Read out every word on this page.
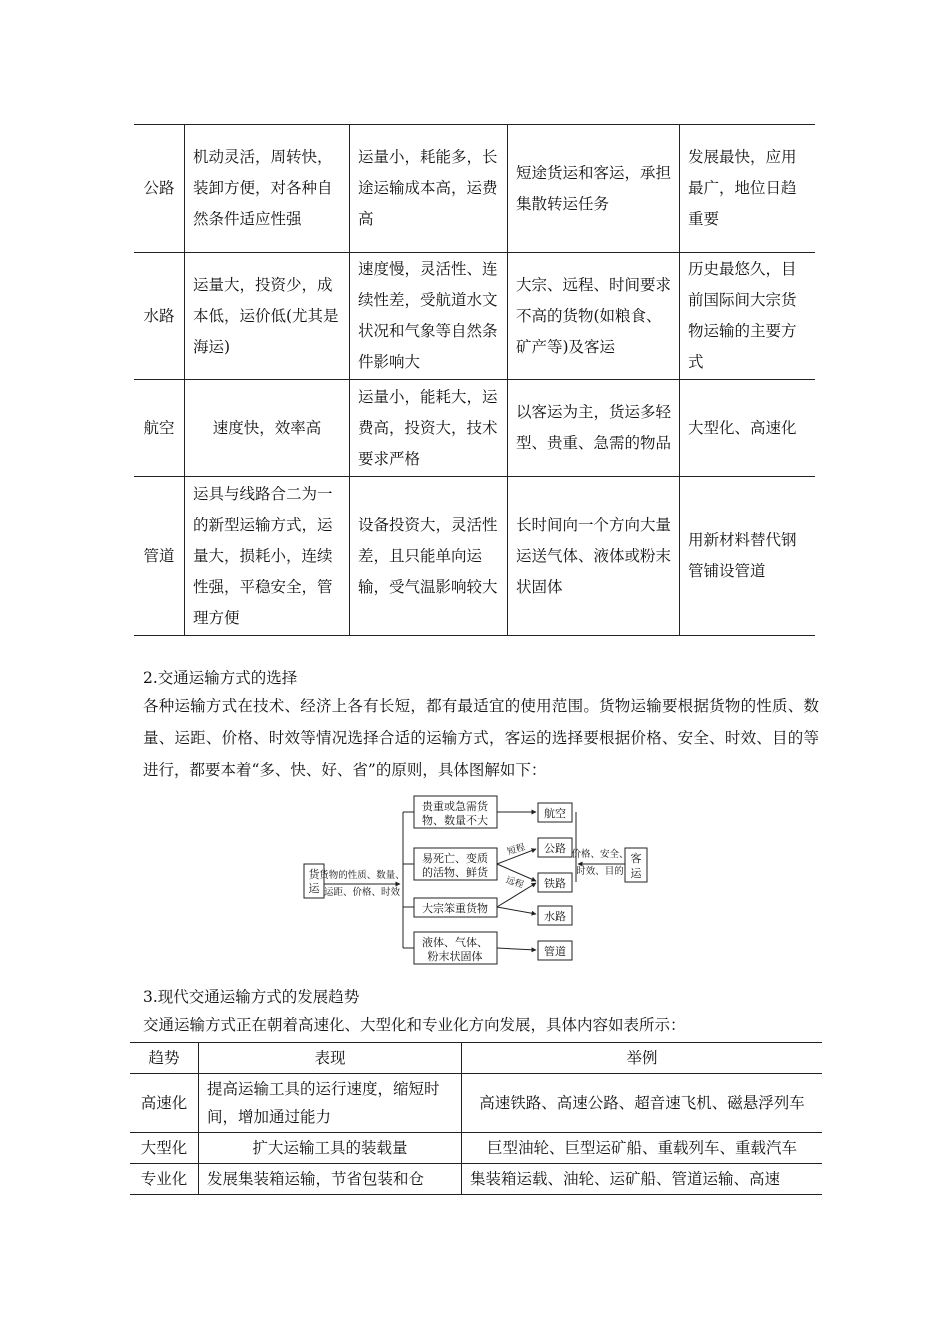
公路	机动灵活，周转快，装卸方便，对各种自然条件适应性强	运量小，耗能多，长途运输成本高，运费高	短途货运和客运，承担集散转运任务	发展最快，应用最广，地位日趋重要
水路	运量大，投资少，成本低，运价低(尤其是海运)	速度慢，灵活性、连续性差，受航道水文状况和气象等自然条件影响大	大宗、远程、时间要求不高的货物(如粮食、矿产等)及客运	历史最悠久，目前国际间大宗货物运输的主要方式
航空	速度快，效率高	运量小，能耗大，运费高，投资大，技术要求严格	以客运为主，货运多轻型、贵重、急需的物品	大型化、高速化
管道	运具与线路合二为一的新型运输方式，运量大，损耗小，连续性强，平稳安全，管理方便	设备投资大，灵活性差，且只能单向运输，受气温影响较大	长时间向一个方向大量运送气体、液体或粉末状固体	用新材料替代钢管铺设管道
2.交通运输方式的选择
各种运输方式在技术、经济上各有长短，都有最适宜的使用范围。货物运输要根据货物的性质、数量、运距、价格、时效等情况选择合适的运输方式，客运的选择要根据价格、安全、时效、目的等进行，都要本着“多、快、好、省”的原则，具体图解如下：
货
运
货物的性质、数量、
运距、价格、时效
贵重或急需货
物、数量不大
易死亡、变质
的活物、鲜货
大宗笨重货物
液体、气体、
粉末状固体
航空
公路
铁路
水路
管道
短程
远程
价格、安全、
时效、目的
客
运
3.现代交通运输方式的发展趋势
交通运输方式正在朝着高速化、大型化和专业化方向发展，具体内容如表所示：
趋势	表现	举例
高速化	提高运输工具的运行速度，缩短时间，增加通过能力	高速铁路、高速公路、超音速飞机、磁悬浮列车
大型化	扩大运输工具的装载量	巨型油轮、巨型运矿船、重载列车、重载汽车
专业化	发展集装箱运输，节省包装和仓	集装箱运载、油轮、运矿船、管道运输、高速
